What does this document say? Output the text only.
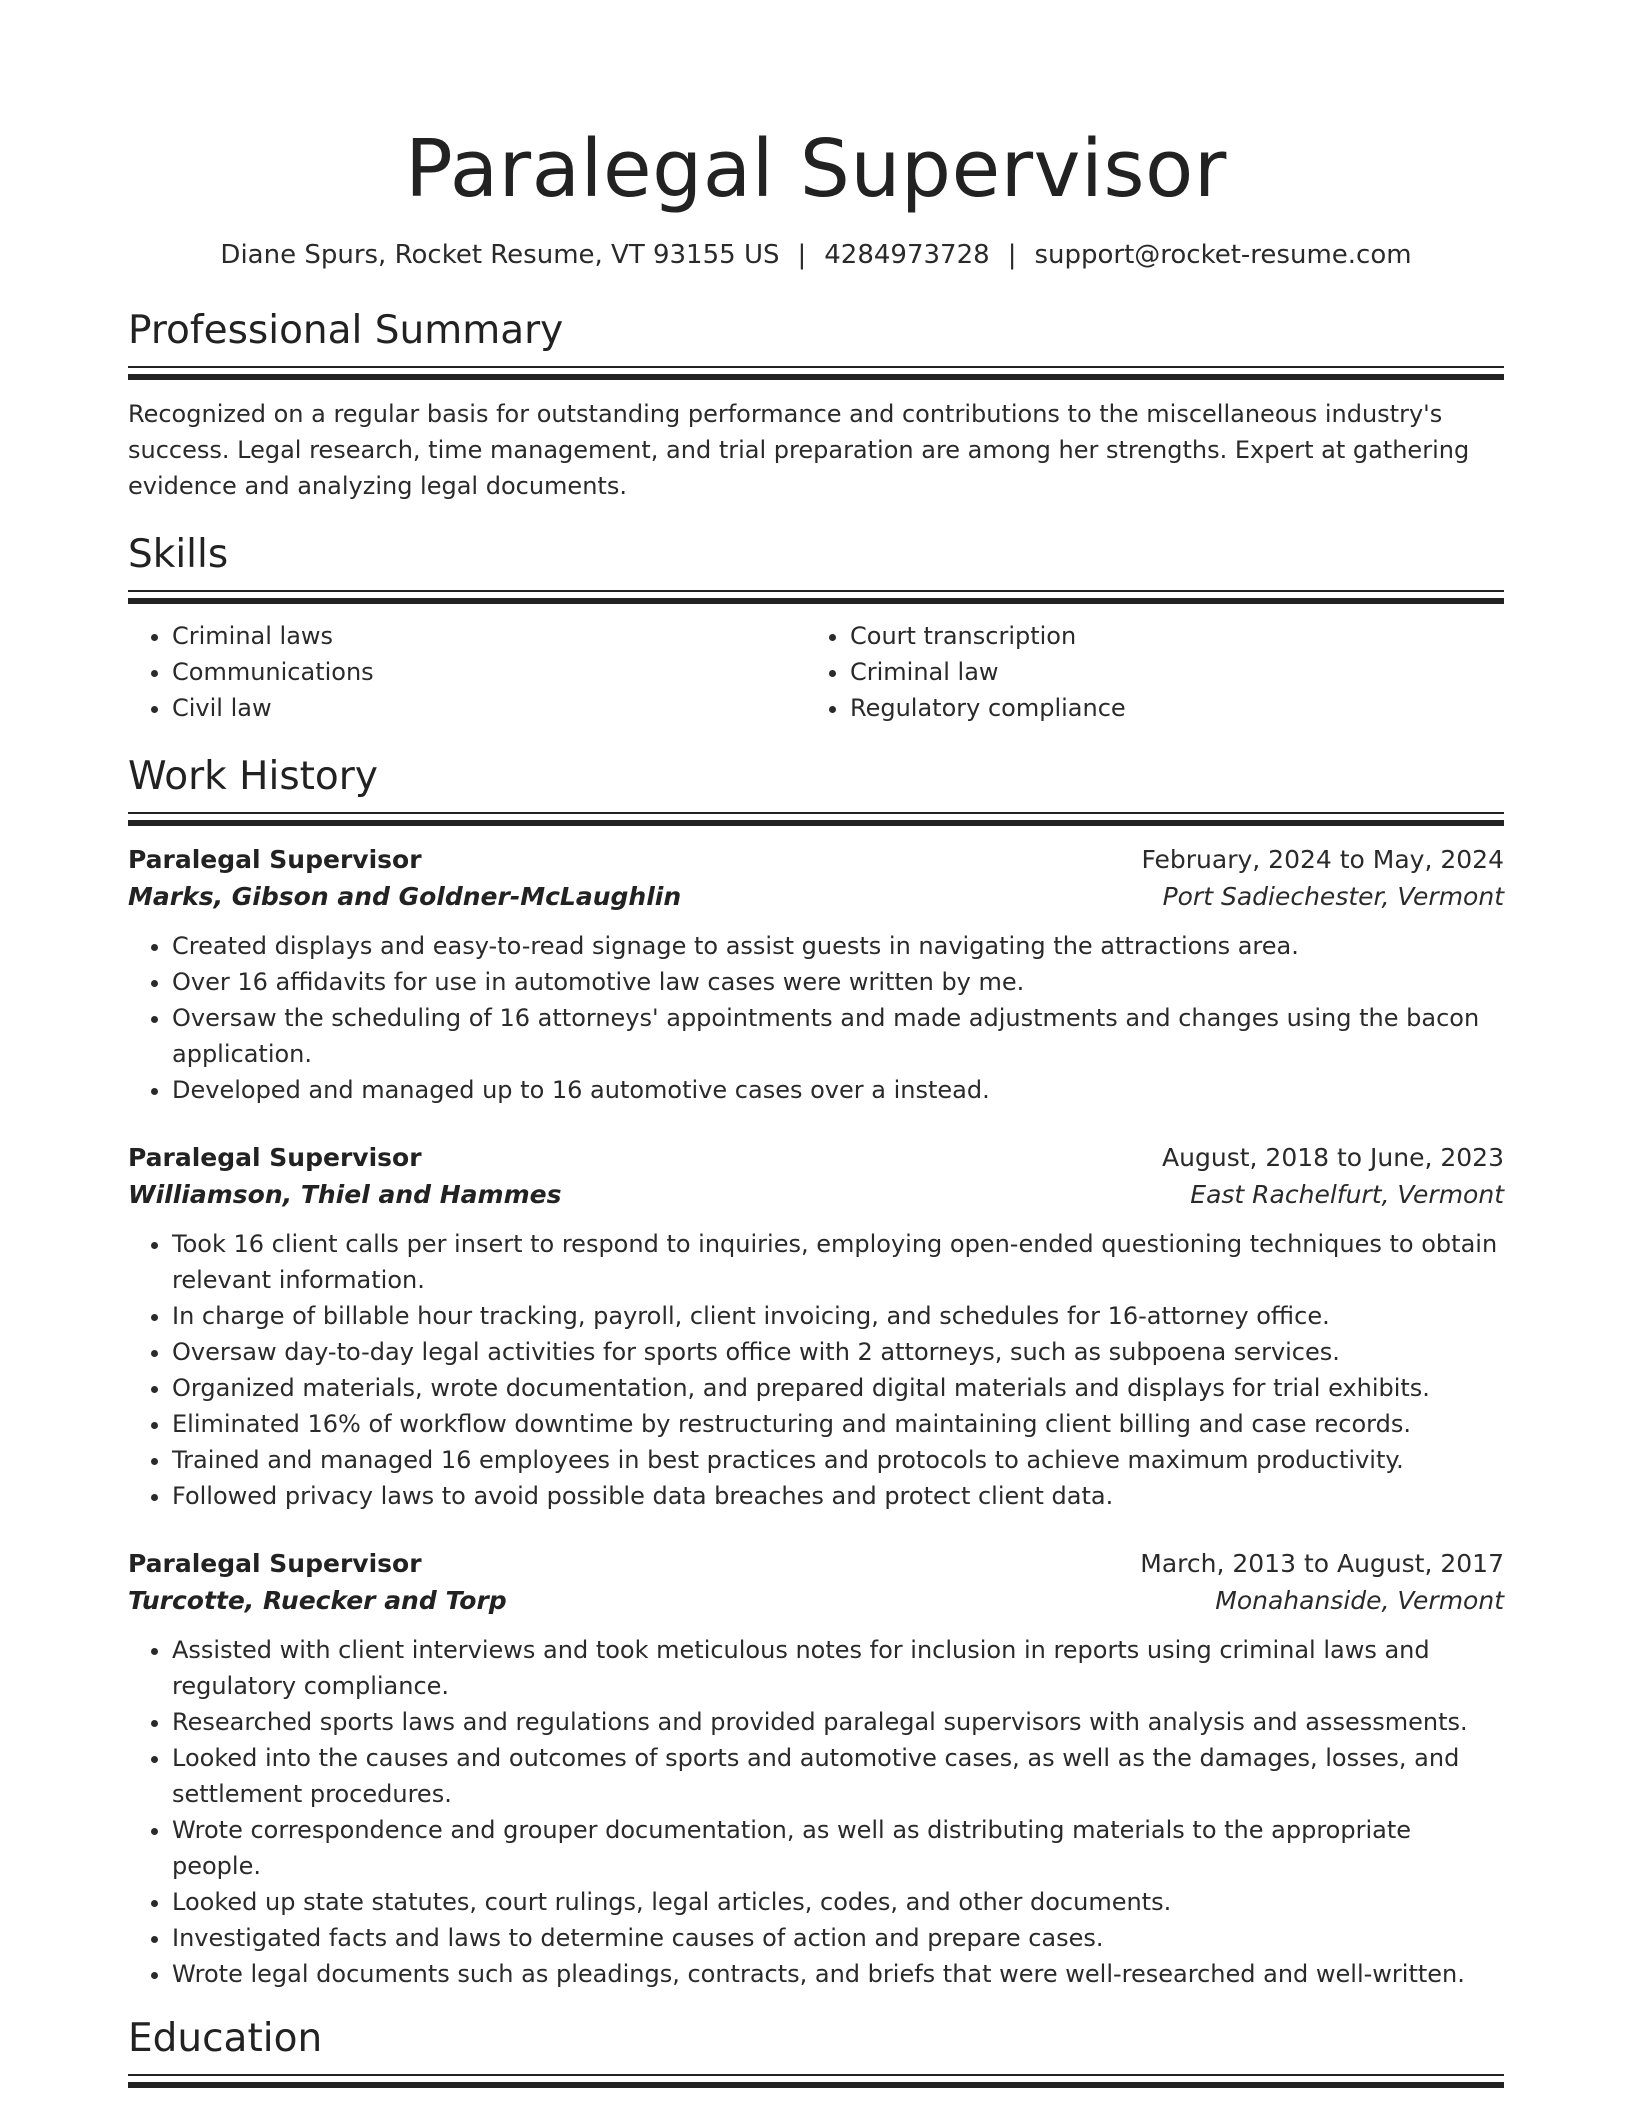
Paralegal Supervisor
Diane Spurs, Rocket Resume, VT 93155 US | 4284973728 | support@rocket-resume.com
Professional Summary

Recognized on a regular basis for outstanding performance and contributions to the miscellaneous industry's success. Legal research, time management, and trial preparation are among her strengths. Expert at gathering evidence and analyzing legal documents.

Skills
• Criminal laws
• Communications
• Civil law
• Court transcription
• Criminal law
• Regulatory compliance
Work History
Paralegal Supervisor	February, 2024 to May, 2024
Marks, Gibson and Goldner-McLaughlin	Port Sadiechester, Vermont
• Created displays and easy-to-read signage to assist guests in navigating the attractions area.
• Over 16 affidavits for use in automotive law cases were written by me.
• Oversaw the scheduling of 16 attorneys' appointments and made adjustments and changes using the bacon application.
• Developed and managed up to 16 automotive cases over a instead.
Paralegal Supervisor	August, 2018 to June, 2023
Williamson, Thiel and Hammes	East Rachelfurt, Vermont
• Took 16 client calls per insert to respond to inquiries, employing open-ended questioning techniques to obtain relevant information.
• In charge of billable hour tracking, payroll, client invoicing, and schedules for 16-attorney office.
• Oversaw day-to-day legal activities for sports office with 2 attorneys, such as subpoena services.
• Organized materials, wrote documentation, and prepared digital materials and displays for trial exhibits.
• Eliminated 16% of workflow downtime by restructuring and maintaining client billing and case records.
• Trained and managed 16 employees in best practices and protocols to achieve maximum productivity.
• Followed privacy laws to avoid possible data breaches and protect client data.
Paralegal Supervisor	March, 2013 to August, 2017
Turcotte, Ruecker and Torp	Monahanside, Vermont
• Assisted with client interviews and took meticulous notes for inclusion in reports using criminal laws and regulatory compliance.
• Researched sports laws and regulations and provided paralegal supervisors with analysis and assessments.
• Looked into the causes and outcomes of sports and automotive cases, as well as the damages, losses, and settlement procedures.
• Wrote correspondence and grouper documentation, as well as distributing materials to the appropriate people.
• Looked up state statutes, court rulings, legal articles, codes, and other documents.
• Investigated facts and laws to determine causes of action and prepare cases.
• Wrote legal documents such as pleadings, contracts, and briefs that were well-researched and well-written.
Education
